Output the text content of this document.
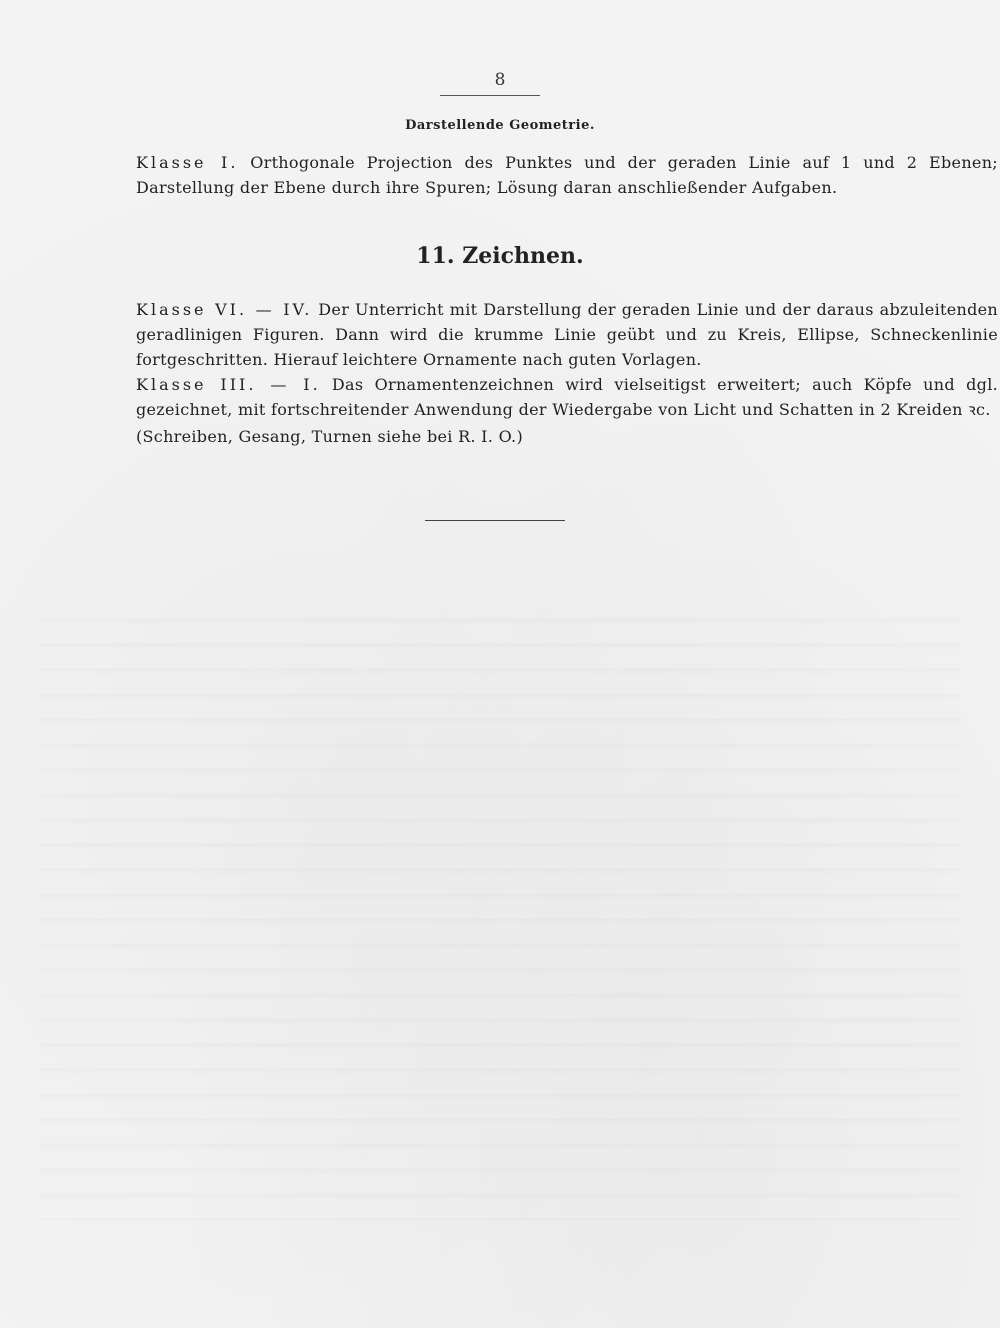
8
Darstellende Geometrie.
Klasse I. Orthogonale Projection des Punktes und der geraden Linie auf 1 und 2 Ebenen; Darstellung der Ebene durch ihre Spuren; Lösung daran anschließender Aufgaben.
11. Zeichnen.
Klasse VI. — IV. Der Unterricht mit Darstellung der geraden Linie und der daraus abzuleitenden geradlinigen Figuren. Dann wird die krumme Linie geübt und zu Kreis, Ellipse, Schneckenlinie fortgeschritten. Hierauf leichtere Ornamente nach guten Vorlagen.
Klasse III. — I. Das Ornamentenzeichnen wird vielseitigst erweitert; auch Köpfe und dgl. gezeichnet, mit fortschreitender Anwendung der Wiedergabe von Licht und Schatten in 2 Kreiden ꝛc.
(Schreiben, Gesang, Turnen siehe bei R. I. O.)
